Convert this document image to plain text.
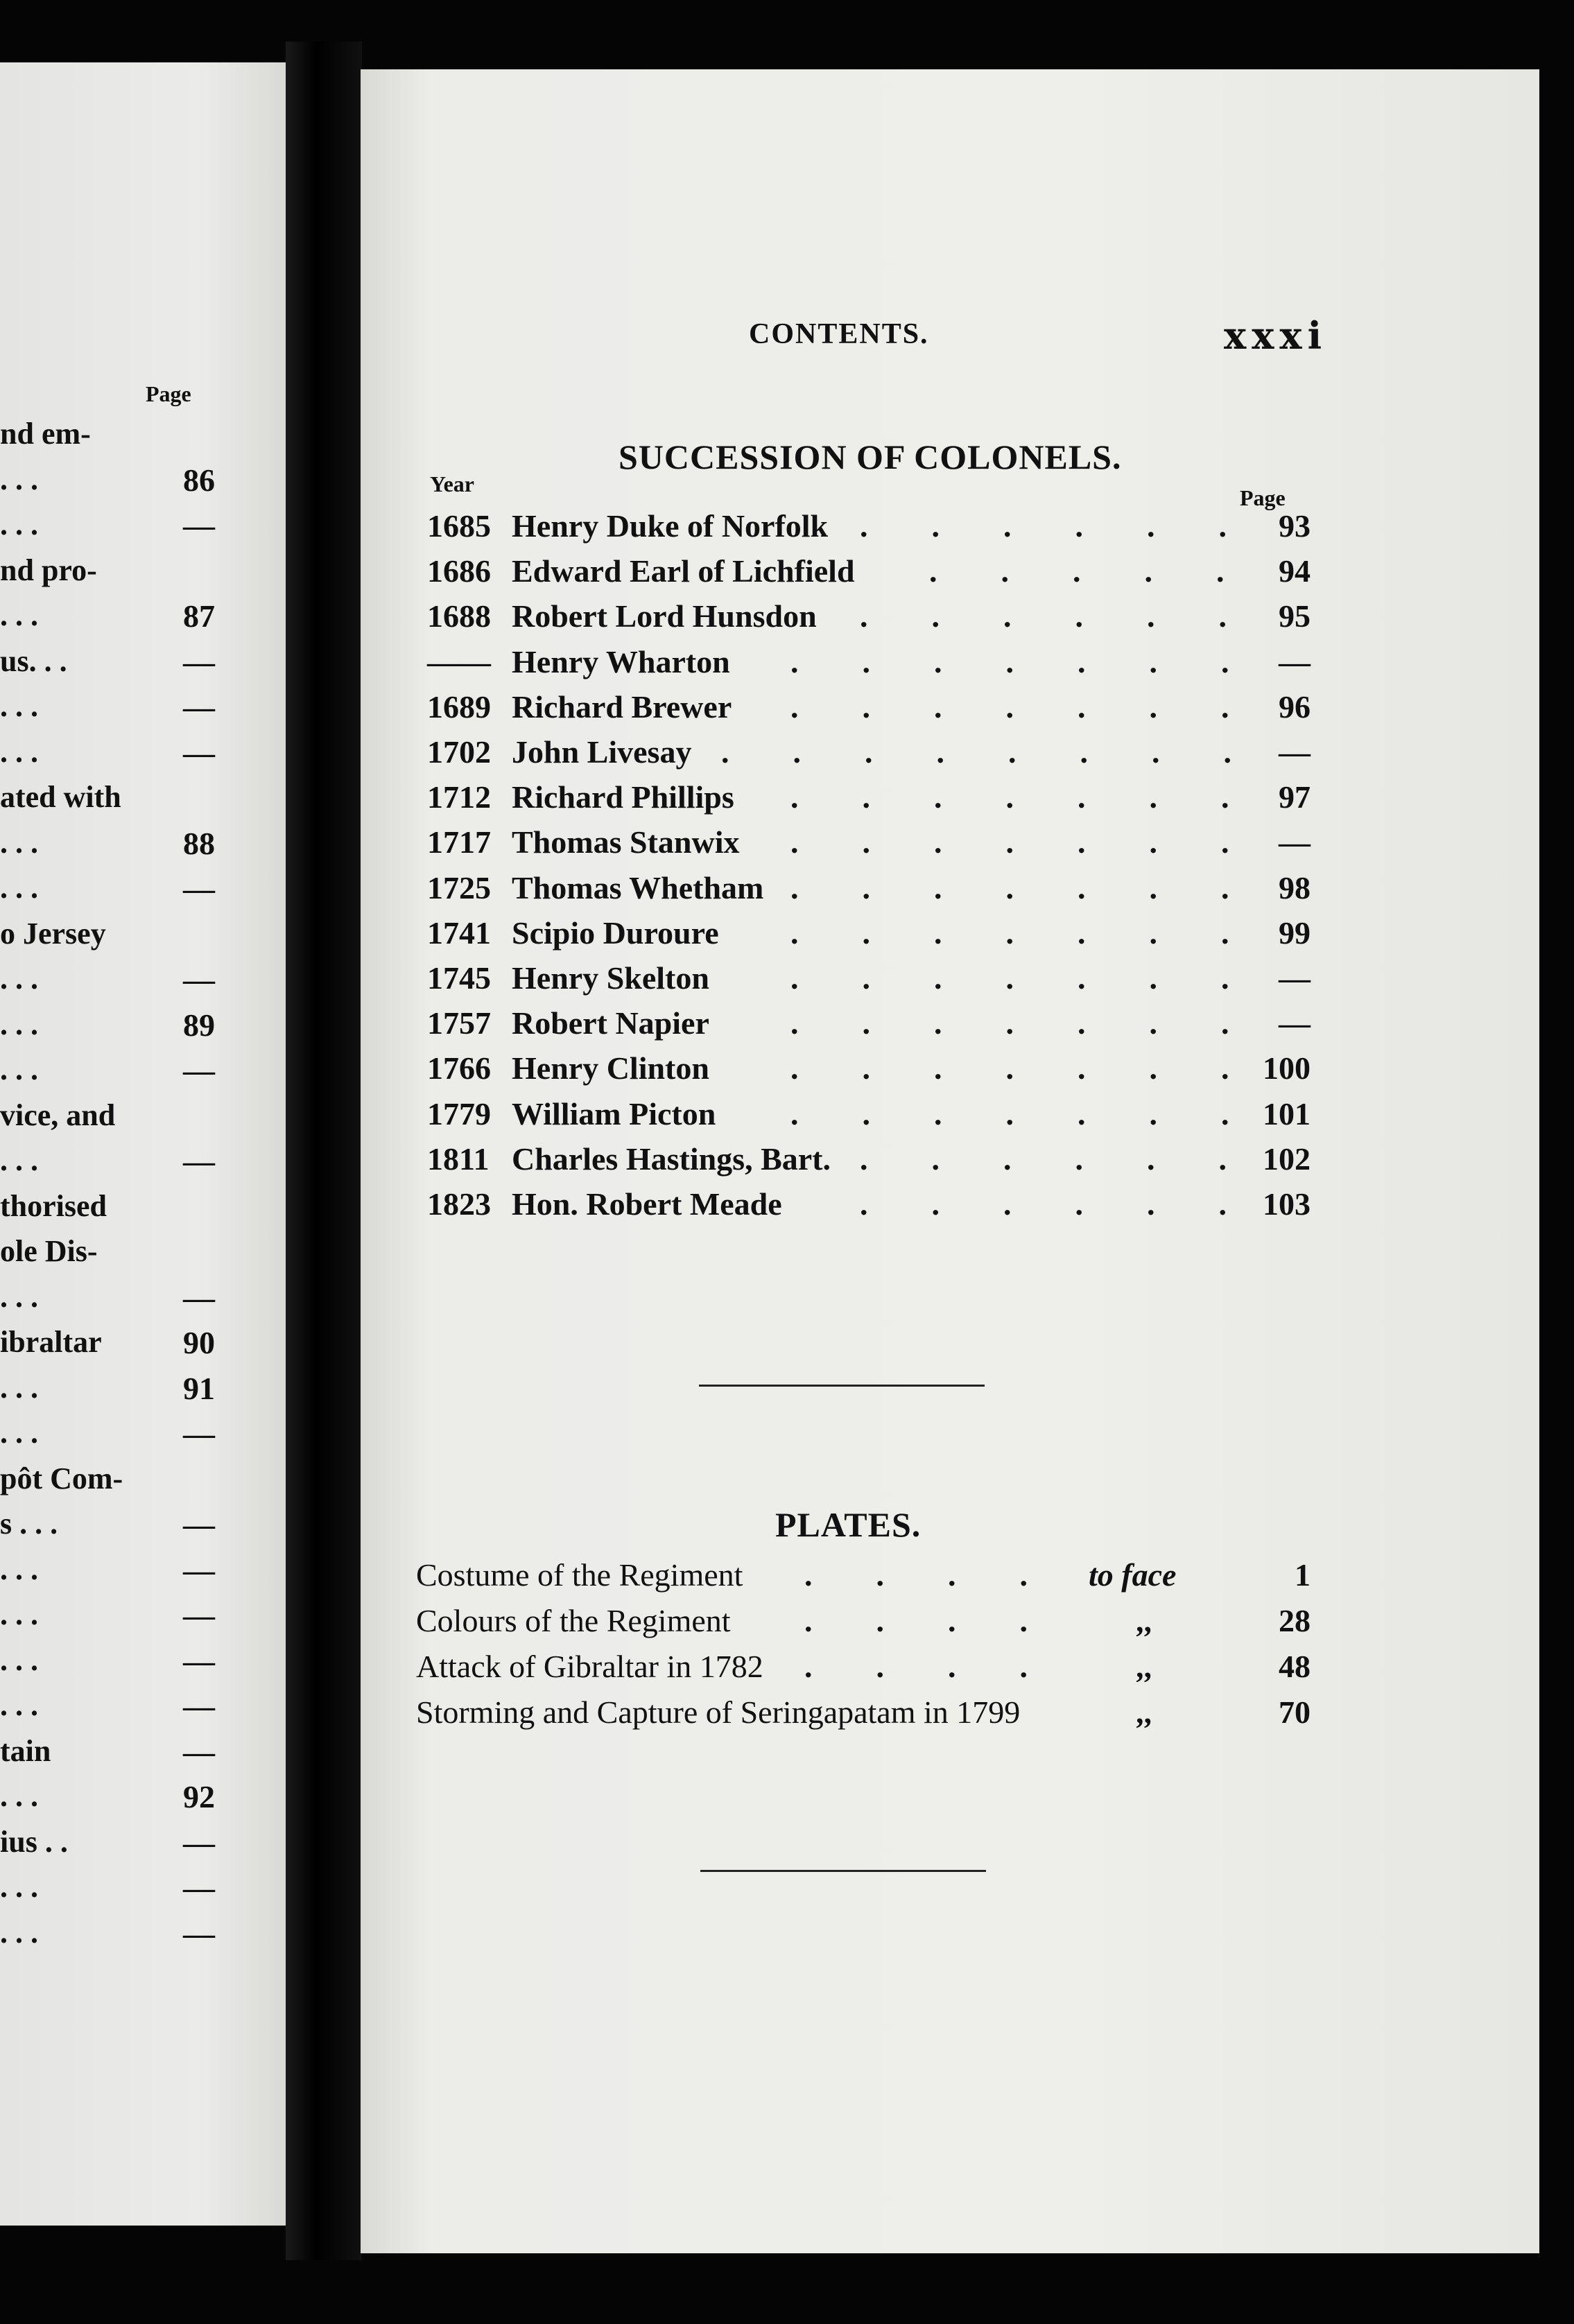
Page
nd em-
. . .	86
. . .	—
nd pro-
. . .	87
us. . .	—
. . .	—
. . .	—
ated with
. . .	88
. . .	—
o Jersey
. . .	—
. . .	89
. . .	—
vice, and
. . .	—
thorised
ole Dis-
. . .	—
ibraltar	90
. . .	91
. . .	—
pôt Com-
s . . .	—
. . .	—
. . .	—
. . .	—
. . .	—
tain	—
. . .	92
ius . .	—
. . .	—
. . .	—
CONTENTS.	xxxi
SUCCESSION OF COLONELS.
Year
Page
1685 Henry Duke of Norfolk	93
.  .  .  .  .  .
1686 Edward Earl of Lichfield	94
.  .  .  .  .
1688 Robert Lord Hunsdon	95
.  .  .  .  .  .
—— Henry Wharton	—
.  .  .  .  .  .  .
1689 Richard Brewer	96
.  .  .  .  .  .  .
1702 John Livesay	—
.  .  .  .  .  .  .  .
1712 Richard Phillips	97
.  .  .  .  .  .  .
1717 Thomas Stanwix	—
.  .  .  .  .  .  .
1725 Thomas Whetham	98
.  .  .  .  .  .  .
1741 Scipio Duroure	99
.  .  .  .  .  .  .
1745 Henry Skelton	—
.  .  .  .  .  .  .
1757 Robert Napier	—
.  .  .  .  .  .  .
1766 Henry Clinton	100
.  .  .  .  .  .  .
1779 William Picton	101
.  .  .  .  .  .  .
1811 Charles Hastings, Bart.	102
.  .  .  .  .  .
1823 Hon. Robert Meade	103
.  .  .  .  .  .
PLATES.
Costume of the Regiment	to face	1
.  .  .  .
Colours of the Regiment	,,	28
.  .  .  .
Attack of Gibraltar in 1782	,,	48
.  .  .  .
Storming and Capture of Seringapatam in 1799	,,	70
